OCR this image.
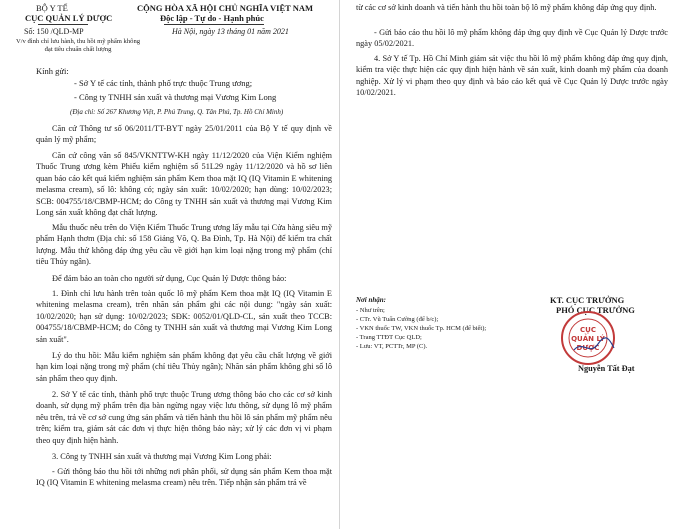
BỘ Y TẾ
CỤC QUẢN LÝ DƯỢC
Số: 150 /QLD-MP
V/v đình chỉ lưu hành, thu hồi mỹ phẩm không đạt tiêu chuẩn chất lượng
CỘNG HÒA XÃ HỘI CHỦ NGHĨA VIỆT NAM
Độc lập - Tự do - Hạnh phúc
Hà Nội, ngày 13 tháng 01 năm 2021
Kính gửi:
- Sở Y tế các tỉnh, thành phố trực thuộc Trung ương;
- Công ty TNHH sản xuất và thương mại Vương Kim Long
(Địa chỉ: Số 267 Khương Việt, P. Phú Trung, Q. Tân Phú, Tp. Hồ Chí Minh)

Căn cứ Thông tư số 06/2011/TT-BYT ngày 25/01/2011 của Bộ Y tế quy định về quản lý mỹ phẩm;

Căn cứ công văn số 845/VKNTTW-KH ngày 11/12/2020 của Viện Kiểm nghiệm Thuốc Trung ương kèm Phiếu kiểm nghiệm số 51L29 ngày 11/12/2020 và hồ sơ liên quan báo cáo kết quả kiểm nghiệm sản phẩm Kem thoa mặt IQ (IQ Vitamin E whitening melasma cream), số lô: không có; ngày sản xuất: 10/02/2020; hạn dùng: 10/02/2023; SCB: 004755/18/CBMP-HCM; do Công ty TNHH sản xuất và thương mại Vương Kim Long sản xuất không đạt chất lượng.

Mẫu thuốc nêu trên do Viện Kiểm Thuốc Trung ương lấy mẫu tại Cửa hàng siêu mỹ phẩm Hạnh thơm (Địa chỉ: số 158 Giảng Võ, Q. Ba Đình, Tp. Hà Nội) để kiểm tra chất lượng. Mẫu thử không đáp ứng yêu cầu về giới hạn kim loại nặng trong mỹ phẩm (chỉ tiêu Thủy ngân).

Để đảm bảo an toàn cho người sử dụng, Cục Quản lý Dược thông báo:

1. Đình chỉ lưu hành trên toàn quốc lô mỹ phẩm Kem thoa mặt IQ (IQ Vitamin E whitening melasma cream), trên nhãn sản phẩm ghi các nội dung: "ngày sản xuất: 10/02/2020; hạn sử dụng: 10/02/2023; SĐK: 0052/01/QLD-CL, sản xuất theo TCCB: 004755/18/CBMP-HCM; do Công ty TNHH sản xuất và thương mại Vương Kim Long sản xuất".

Lý do thu hồi: Mẫu kiểm nghiệm sản phẩm không đạt yêu cầu chất lượng về giới hạn kim loại nặng trong mỹ phẩm (chỉ tiêu Thủy ngân); Nhãn sản phẩm không ghi số lô sản phẩm theo quy định.

2. Sở Y tế các tỉnh, thành phố trực thuộc Trung ương thông báo cho các cơ sở kinh doanh, sử dụng mỹ phẩm trên địa bàn ngừng ngay việc lưu thông, sử dụng lô mỹ phẩm nêu trên, trả về cơ sở cung ứng sản phẩm và tiến hành thu hồi lô sản phẩm mỹ phẩm nêu trên; kiểm tra, giám sát các đơn vị thực hiện thông báo này; xử lý các đơn vị vi phạm theo quy định hiện hành.

3. Công ty TNHH sản xuất và thương mại Vương Kim Long phải:

- Gửi thông báo thu hồi tới những nơi phân phối, sử dụng sản phẩm Kem thoa mặt IQ (IQ Vitamin E whitening melasma cream) nêu trên. Tiếp nhận sản phẩm trả về

từ các cơ sở kinh doanh và tiến hành thu hồi toàn bộ lô mỹ phẩm không đáp ứng quy định.

- Gửi báo cáo thu hồi lô mỹ phẩm không đáp ứng quy định về Cục Quản lý Dược trước ngày 05/02/2021.

4. Sở Y tế Tp. Hồ Chí Minh giám sát việc thu hồi lô mỹ phẩm không đáp ứng quy định, kiểm tra việc thực hiện các quy định hiện hành về sản xuất, kinh doanh mỹ phẩm của doanh nghiệp. Xử lý vi phạm theo quy định và báo cáo kết quả về Cục Quản lý Dược trước ngày 10/02/2021.

Nơi nhận:
- Như trên;
- CTr. Vũ Tuấn Cường (để b/c);
- VKN thuốc TW, VKN thuốc Tp. HCM (để biết);
- Trang TTĐT Cục QLD;
- Lưu: VT, PCTTr, MP (C).
KT. CỤC TRƯỞNG
PHÓ CỤC TRƯỞNG
CỤC
QUẢN LÝ
DƯỢC
Nguyễn Tất Đạt
